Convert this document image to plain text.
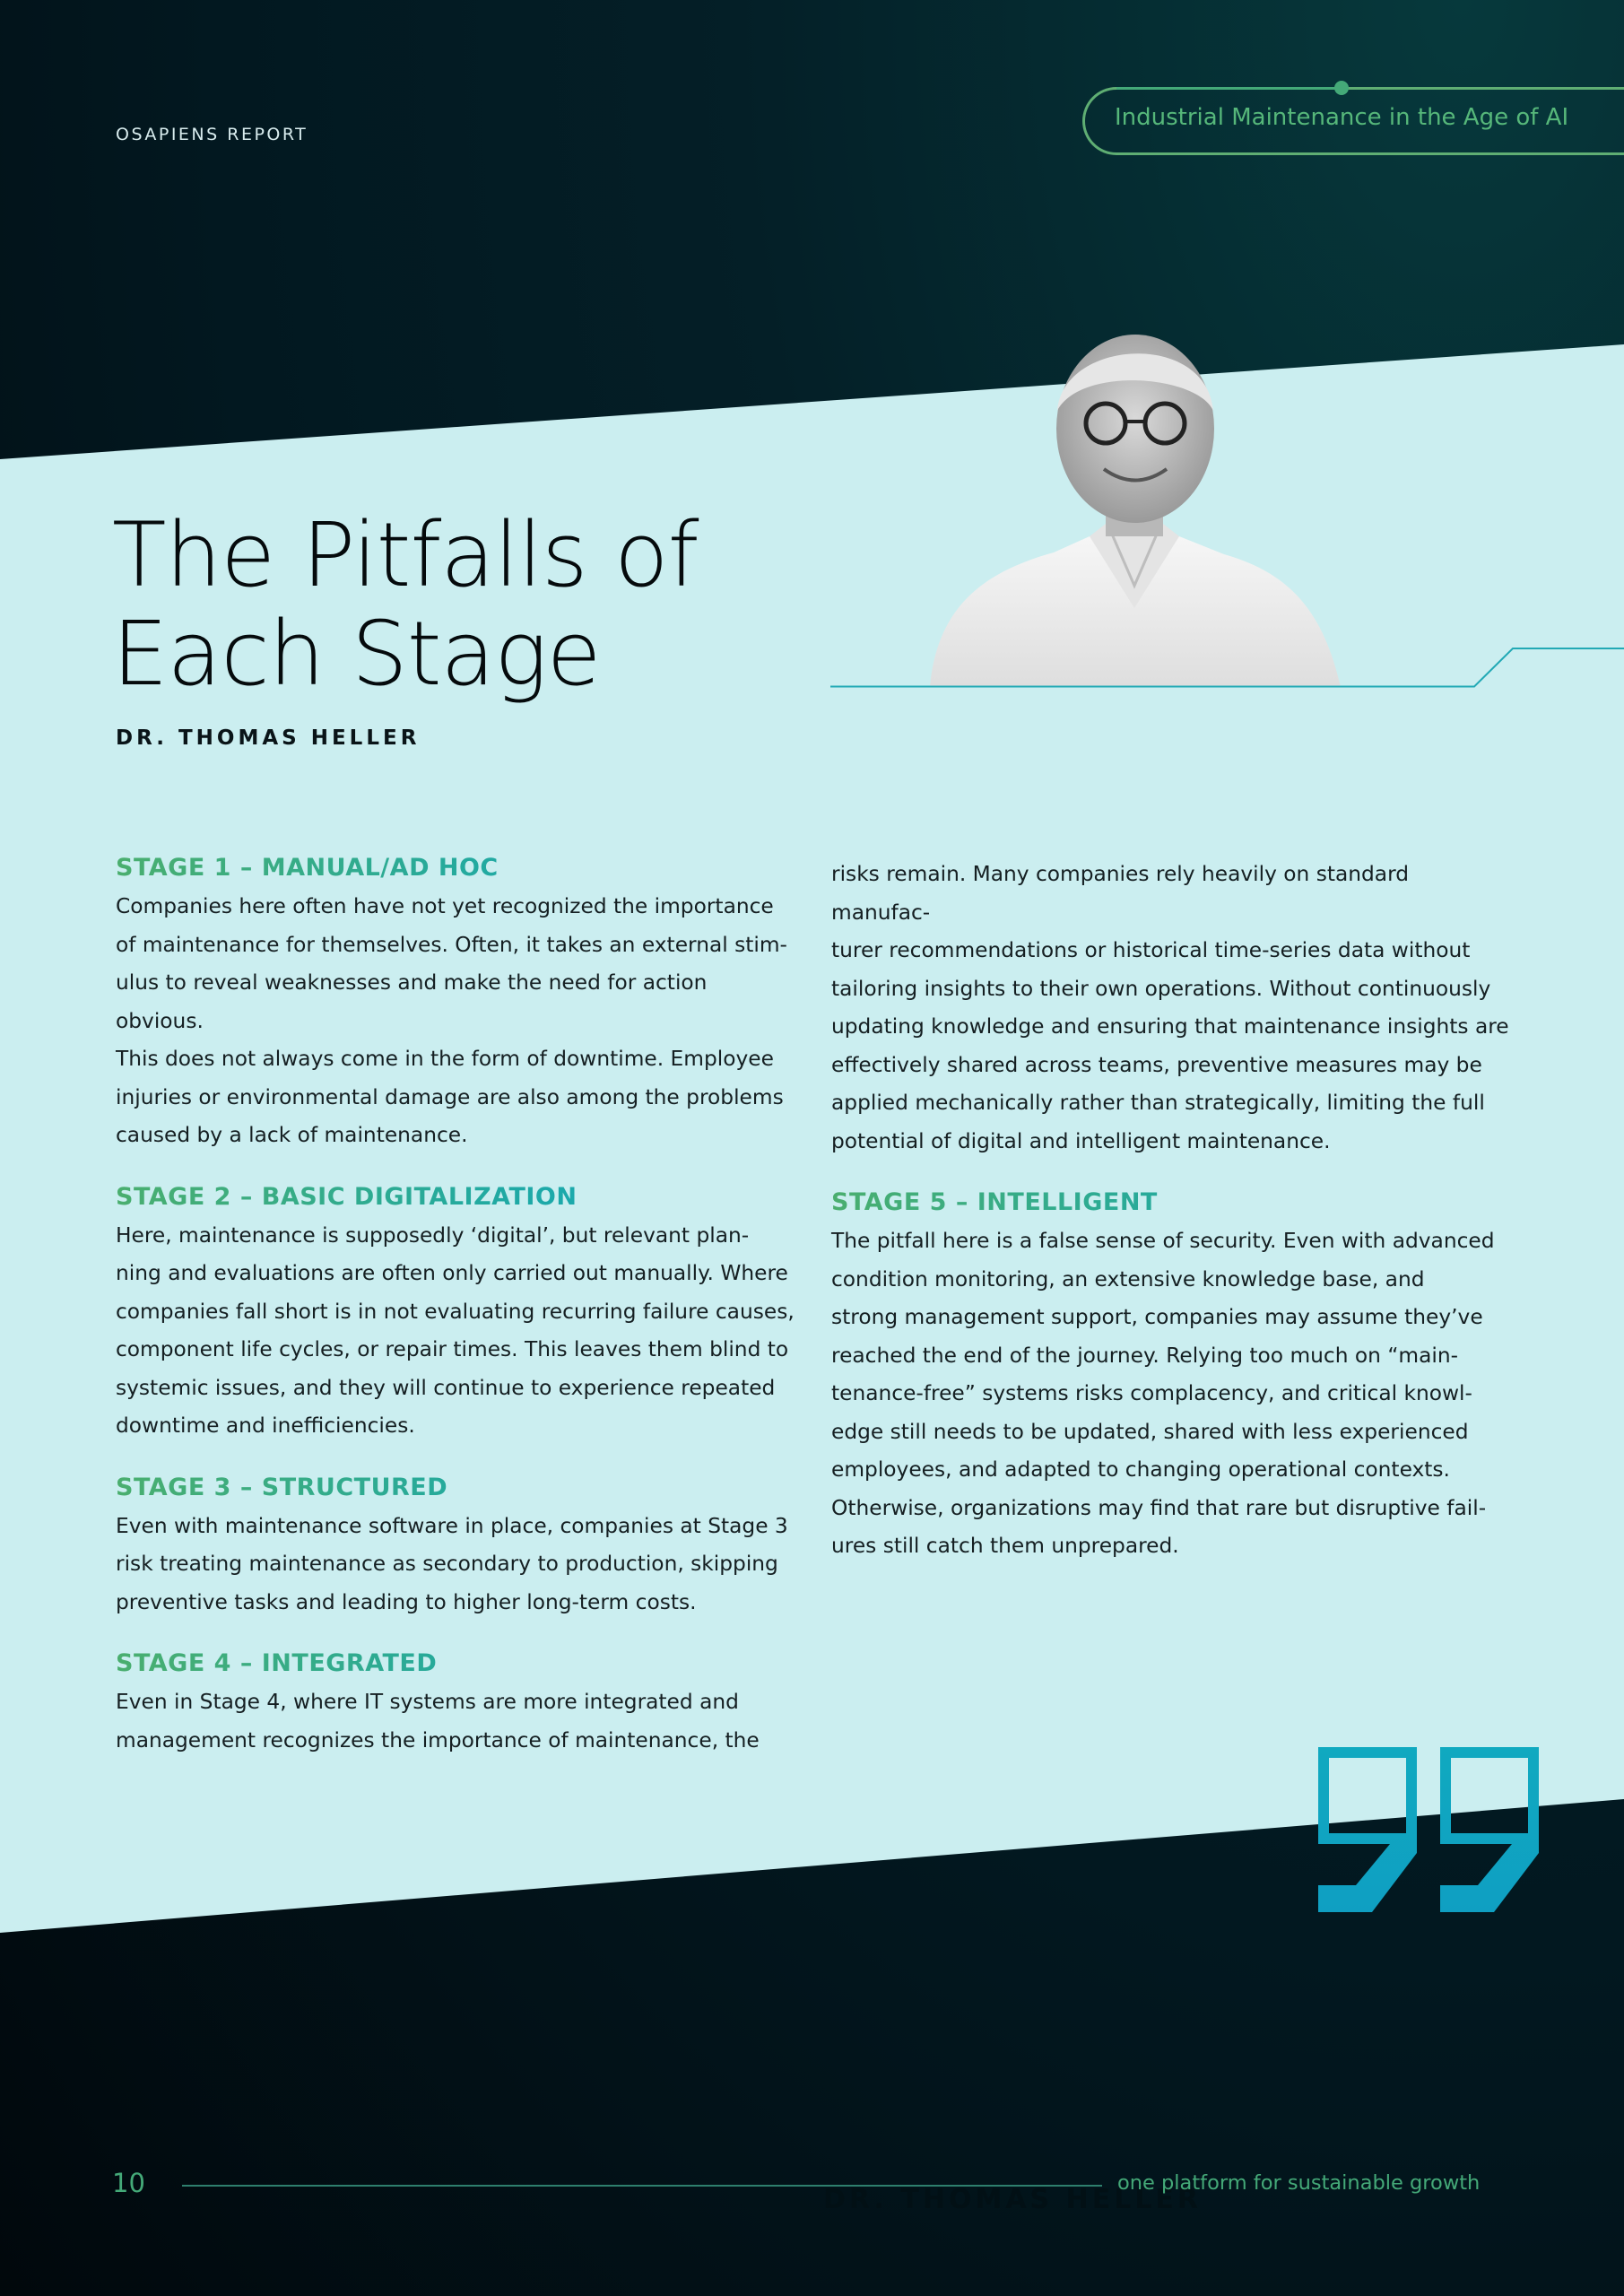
OSAPIENS REPORT
Industrial Maintenance in the Age of AI
The Pitfalls of
Each Stage
DR. THOMAS HELLER
STAGE 1 – MANUAL/AD HOC
Companies here often have not yet recognized the importance
of maintenance for themselves. Often, it takes an external stim-
ulus to reveal weaknesses and make the need for action obvious.
This does not always come in the form of downtime. Employee
injuries or environmental damage are also among the problems
caused by a lack of maintenance.
STAGE 2 – BASIC DIGITALIZATION
Here, maintenance is supposedly ‘digital’, but relevant plan-
ning and evaluations are often only carried out manually. Where
companies fall short is in not evaluating recurring failure causes,
component life cycles, or repair times. This leaves them blind to
systemic issues, and they will continue to experience repeated
downtime and inefficiencies.
STAGE 3 – STRUCTURED
Even with maintenance software in place, companies at Stage 3
risk treating maintenance as secondary to production, skipping
preventive tasks and leading to higher long-term costs.
STAGE 4 – INTEGRATED
Even in Stage 4, where IT systems are more integrated and
management recognizes the importance of maintenance, the
risks remain. Many companies rely heavily on standard manufac-
turer recommendations or historical time-series data without
tailoring insights to their own operations. Without continuously
updating knowledge and ensuring that maintenance insights are
effectively shared across teams, preventive measures may be
applied mechanically rather than strategically, limiting the full
potential of digital and intelligent maintenance.
STAGE 5 – INTELLIGENT
The pitfall here is a false sense of security. Even with advanced
condition monitoring, an extensive knowledge base, and
strong management support, companies may assume they’ve
reached the end of the journey. Relying too much on “main-
tenance-free” systems risks complacency, and critical knowl-
edge still needs to be updated, shared with less experienced
employees, and adapted to changing operational contexts.
Otherwise, organizations may find that rare but disruptive fail-
ures still catch them unprepared.
10
DR. THOMAS HELLER
one platform for sustainable growth
